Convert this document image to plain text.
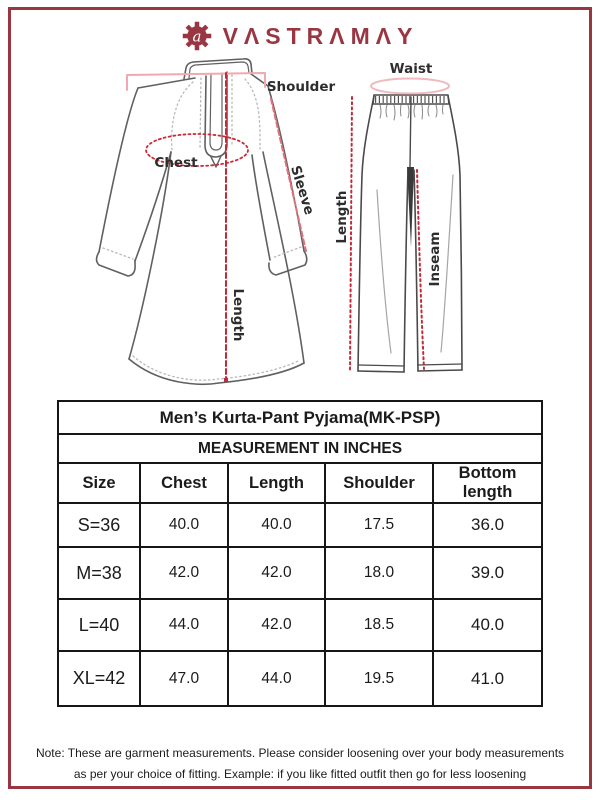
a VΛSTRΛMΛY
Shoulder
Chest
Sleeve
Length
Waist
Length
Inseam
Men’s Kurta-Pant Pyjama(MK-PSP)				
MEASUREMENT IN INCHES				
Size	Chest	Length	Shoulder	Bottom length
S=36	40.0	40.0	17.5	36.0
M=38	42.0	42.0	18.0	39.0
L=40	44.0	42.0	18.5	40.0
XL=42	47.0	44.0	19.5	41.0
Note: These are garment measurements. Please consider loosening over your body measurements
as per your choice of fitting. Example: if you like fitted outfit then go for less loosening
